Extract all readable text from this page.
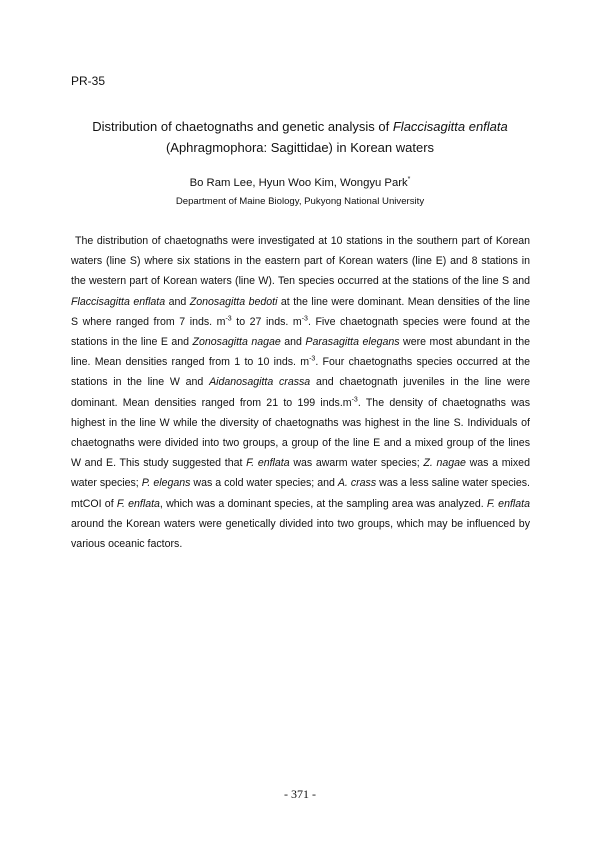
PR-35
Distribution of chaetognaths and genetic analysis of Flaccisagitta enflata
(Aphragmophora: Sagittidae) in Korean waters
Bo Ram Lee, Hyun Woo Kim, Wongyu Park*
Department of Maine Biology, Pukyong National University

The distribution of chaetognaths were investigated at 10 stations in the southern part of Korean waters (line S) where six stations in the eastern part of Korean waters (line E) and 8 stations in the western part of Korean waters (line W). Ten species occurred at the stations of the line S and Flaccisagitta enflata and Zonosagitta bedoti at the line were dominant. Mean densities of the line S where ranged from 7 inds. $m^{-3}$ to 27 inds. $m^{-3}$. Five chaetognath species were found at the stations in the line E and Zonosagitta nagae and Parasagitta elegans were most abundant in the line. Mean densities ranged from 1 to 10 inds. $m^{-3}$. Four chaetognaths species occurred at the stations in the line W and Aidanosagitta crassa and chaetognath juveniles in the line were dominant. Mean densities ranged from 21 to 199 $inds.m^{-3}$. The density of chaetognaths was highest in the line W while the diversity of chaetognaths was highest in the line S. Individuals of chaetognaths were divided into two groups, a group of the line E and a mixed group of the lines W and E. This study suggested that F. enflata was awarm water species; Z. nagae was a mixed water species; P. elegans was a cold water species; and A. crass was a less saline water species. mtCOI of F. enflata, which was a dominant species, at the sampling area was analyzed. F. enflata around the Korean waters were genetically divided into two groups, which may be influenced by various oceanic factors.

- 371 -
